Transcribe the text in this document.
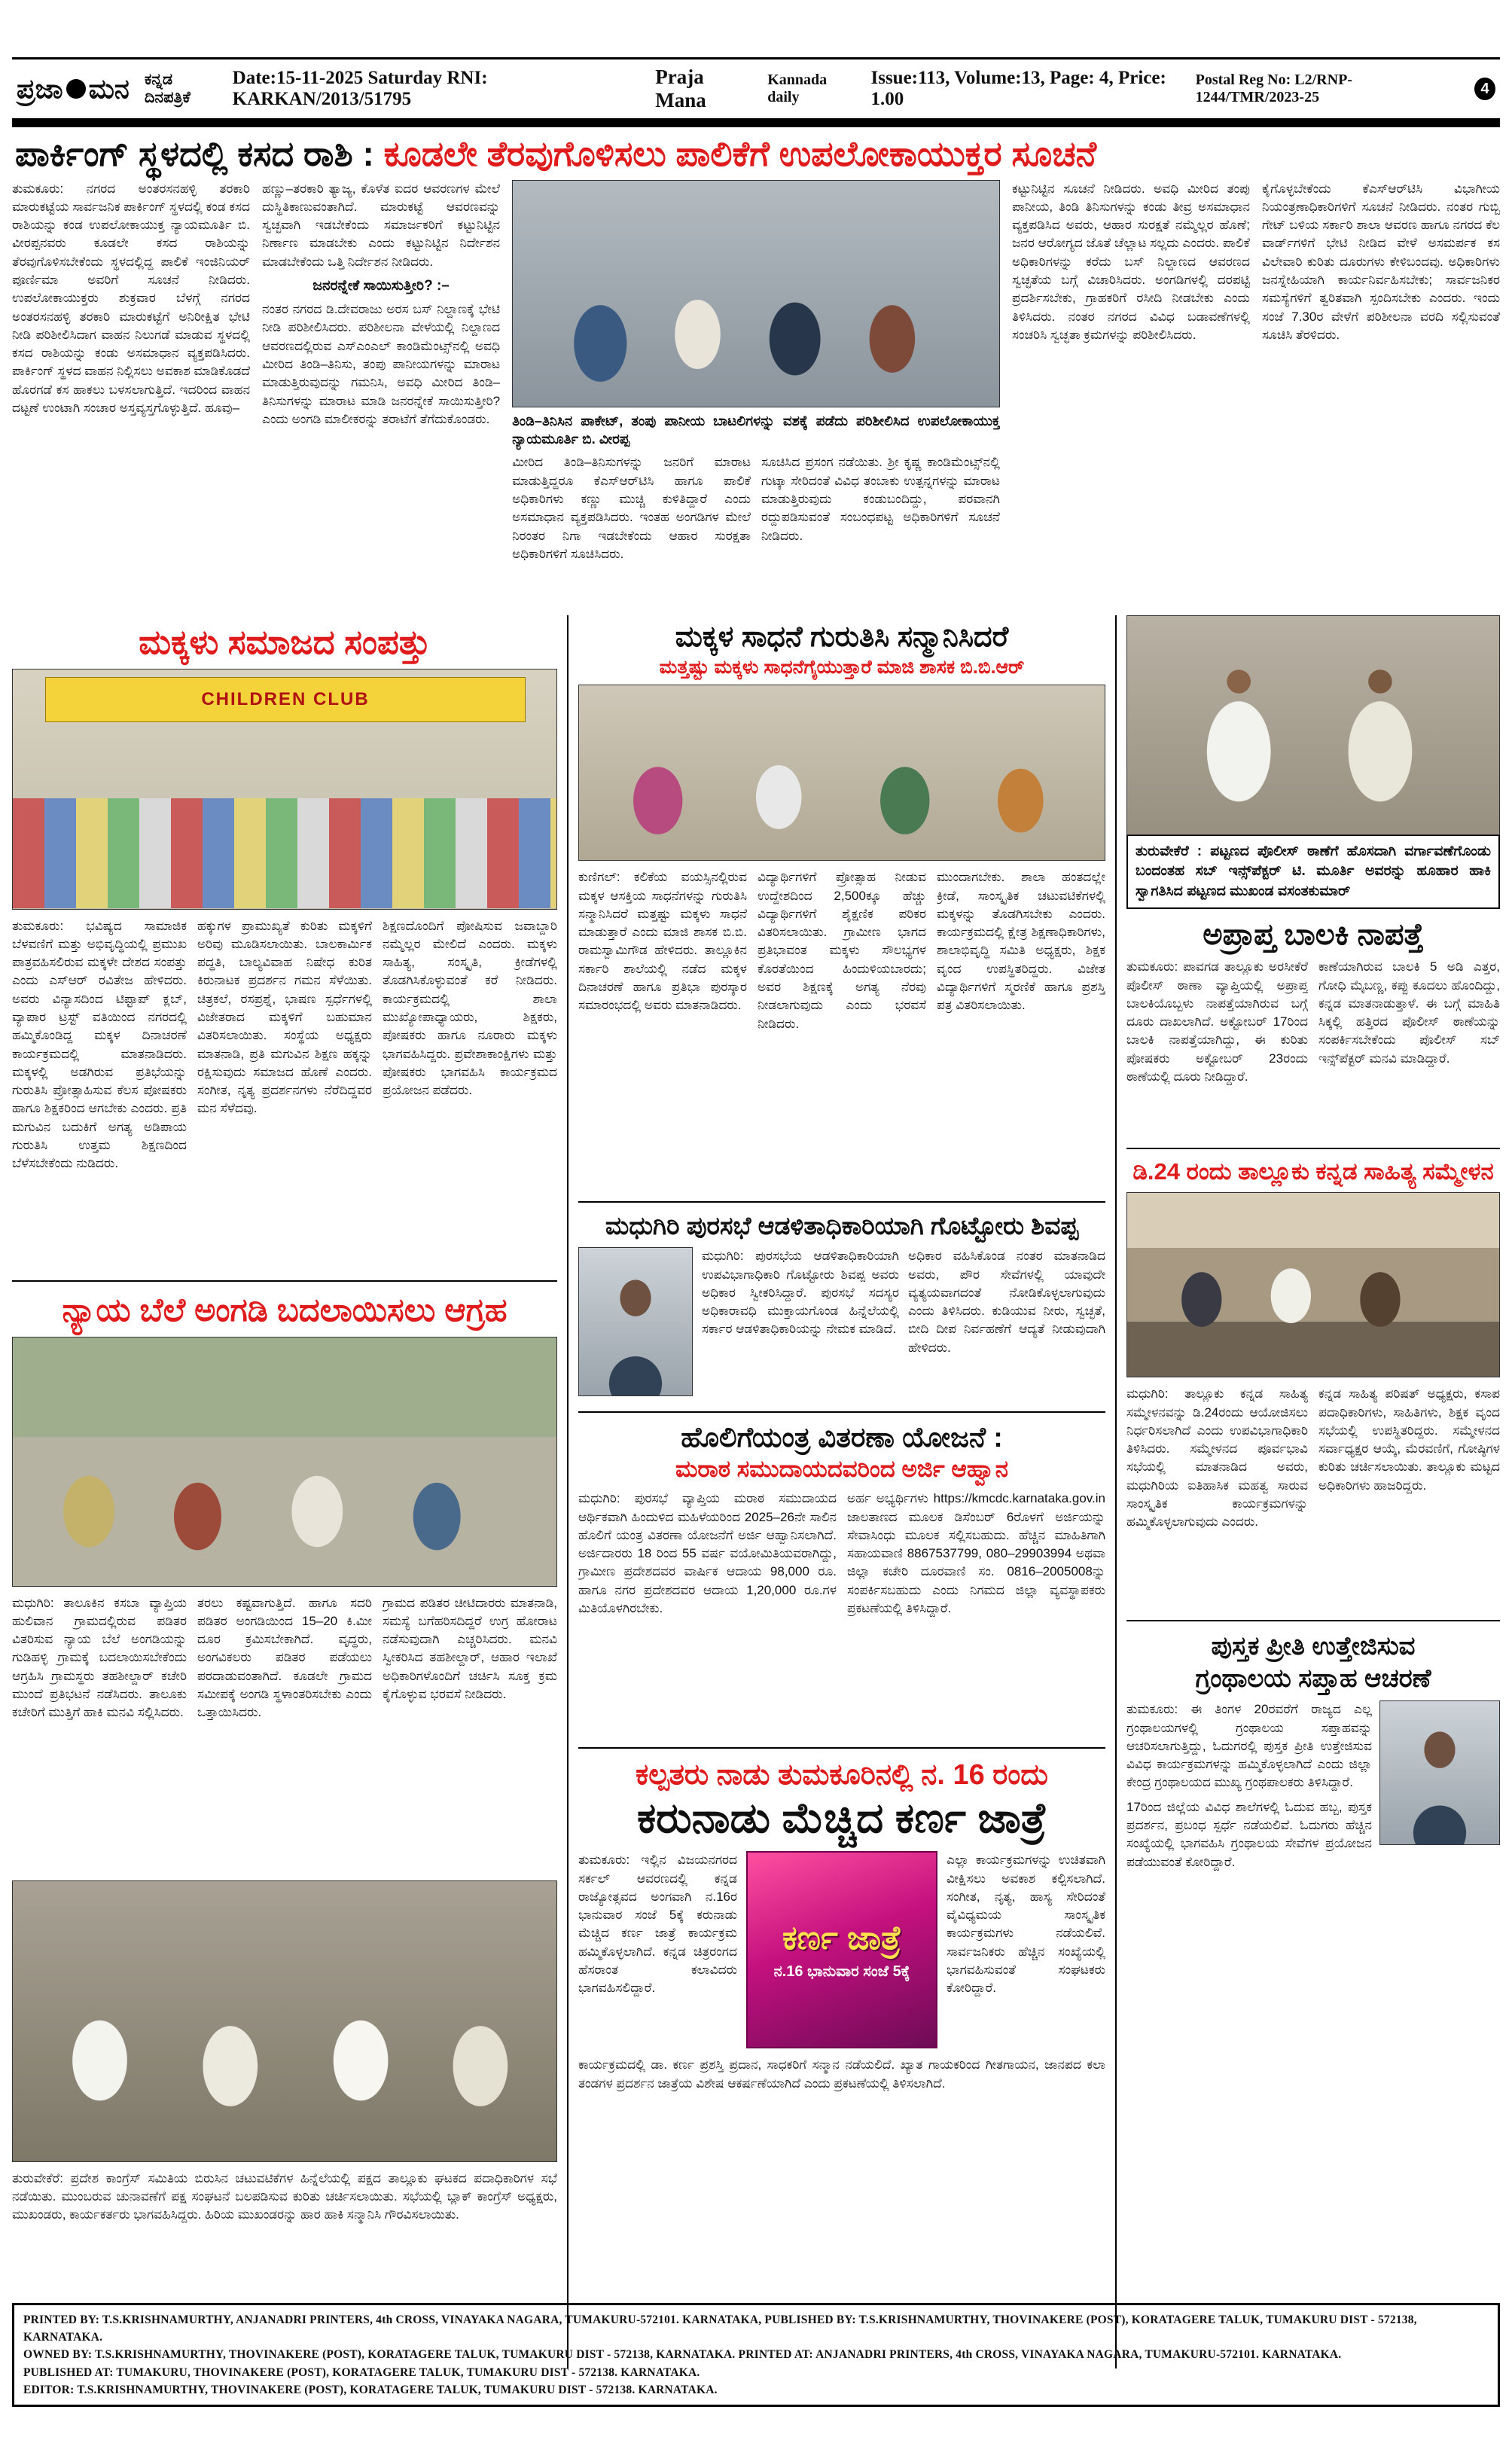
ಪ್ರಜಾ ಮನ ಕನ್ನಡ ದಿನಪತ್ರಿಕೆ
Date:15-11-2025 Saturday RNI: KARKAN/2013/51795
Praja Mana
Kannada daily
Issue:113, Volume:13, Page: 4, Price: 1.00
Postal Reg No: L2/RNP-1244/TMR/2023-25
4
ಪಾರ್ಕಿಂಗ್ ಸ್ಥಳದಲ್ಲಿ ಕಸದ ರಾಶಿ : ಕೂಡಲೇ ತೆರವುಗೊಳಿಸಲು ಪಾಲಿಕೆಗೆ ಉಪಲೋಕಾಯುಕ್ತರ ಸೂಚನೆ
ತುಮಕೂರು: ನಗರದ ಅಂತರಸನಹಳ್ಳಿ ತರಕಾರಿ ಮಾರುಕಟ್ಟೆಯ ಸಾರ್ವಜನಿಕ ಪಾರ್ಕಿಂಗ್ ಸ್ಥಳದಲ್ಲಿ ಕಂಡ ಕಸದ ರಾಶಿಯನ್ನು ಕಂಡ ಉಪಲೋಕಾಯುಕ್ತ ನ್ಯಾಯಮೂರ್ತಿ ಬಿ. ವೀರಪ್ಪನವರು ಕೂಡಲೇ ಕಸದ ರಾಶಿಯನ್ನು ತೆರವುಗೊಳಿಸಬೇಕೆಂದು ಸ್ಥಳದಲ್ಲಿದ್ದ ಪಾಲಿಕೆ ಇಂಜಿನಿಯರ್ ಪೂರ್ಣಿಮಾ ಅವರಿಗೆ ಸೂಚನೆ ನೀಡಿದರು. ಉಪಲೋಕಾಯುಕ್ತರು ಶುಕ್ರವಾರ ಬೆಳಗ್ಗೆ ನಗರದ ಅಂತರಸನಹಳ್ಳಿ ತರಕಾರಿ ಮಾರುಕಟ್ಟೆಗೆ ಅನಿರೀಕ್ಷಿತ ಭೇಟಿ ನೀಡಿ ಪರಿಶೀಲಿಸಿದಾಗ ವಾಹನ ನಿಲುಗಡೆ ಮಾಡುವ ಸ್ಥಳದಲ್ಲಿ ಕಸದ ರಾಶಿಯನ್ನು ಕಂಡು ಅಸಮಾಧಾನ ವ್ಯಕ್ತಪಡಿಸಿದರು. ಪಾರ್ಕಿಂಗ್ ಸ್ಥಳದ ವಾಹನ ನಿಲ್ಲಿಸಲು ಅವಕಾಶ ಮಾಡಿಕೊಡದೆ ಹೊರಗಡೆ ಕಸ ಹಾಕಲು ಬಳಸಲಾಗುತ್ತಿದೆ. ಇದರಿಂದ ವಾಹನ ದಟ್ಟಣೆ ಉಂಟಾಗಿ ಸಂಚಾರ ಅಸ್ತವ್ಯಸ್ತಗೊಳ್ಳುತ್ತಿದೆ. ಹೂವು–
ಹಣ್ಣು–ತರಕಾರಿ ತ್ಯಾಜ್ಯ, ಕೊಳೆತ ಐದರ ಆವರಣಗಳ ಮೇಲೆ ದುಸ್ಥಿತಿಕಾಣುವಂತಾಗಿದೆ. ಮಾರುಕಟ್ಟೆ ಆವರಣವನ್ನು ಸ್ವಚ್ಛವಾಗಿ ಇಡಬೇಕೆಂದು ಸಮಾರ್ಜಕರಿಗೆ ಕಟ್ಟುನಿಟ್ಟಿನ ನಿರ್ಣಾಣ ಮಾಡಬೇಕು ಎಂದು ಕಟ್ಟುನಿಟ್ಟಿನ ನಿರ್ದೇಶನ ಮಾಡಬೇಕೆಂದು ಒತ್ತಿ ನಿರ್ದೇಶನ ನೀಡಿದರು.
ಜನರನ್ನೇಕೆ ಸಾಯಿಸುತ್ತೀರಿ? :–
ನಂತರ ನಗರದ ಡಿ.ದೇವರಾಜು ಅರಸ ಬಸ್ ನಿಲ್ದಾಣಕ್ಕೆ ಭೇಟಿ ನೀಡಿ ಪರಿಶೀಲಿಸಿದರು. ಪರಿಶೀಲನಾ ವೇಳೆಯಲ್ಲಿ ನಿಲ್ದಾಣದ ಆವರಣದಲ್ಲಿರುವ ಎಸ್‌ಎಂಎಲ್ ಕಾಂಡಿಮೆಂಟ್ಸ್‌ನಲ್ಲಿ ಅವಧಿ ಮೀರಿದ ತಿಂಡಿ–ತಿನಿಸು, ತಂಪು ಪಾನೀಯಗಳನ್ನು ಮಾರಾಟ ಮಾಡುತ್ತಿರುವುದನ್ನು ಗಮನಿಸಿ, ಅವಧಿ ಮೀರಿದ ತಿಂಡಿ–ತಿನಿಸುಗಳನ್ನು ಮಾರಾಟ ಮಾಡಿ ಜನರನ್ನೇಕೆ ಸಾಯಿಸುತ್ತೀರಿ? ಎಂದು ಅಂಗಡಿ ಮಾಲೀಕರನ್ನು ತರಾಟೆಗೆ ತೆಗೆದುಕೊಂಡರು.	ತಿಂಡಿ–ತಿನಿಸಿನ ಪಾಕೇಟ್, ತಂಪು ಪಾನೀಯ ಬಾಟಲಿಗಳನ್ನು ವಶಕ್ಕೆ ಪಡೆದು ಪರಿಶೀಲಿಸಿದ ಉಪಲೋಕಾಯುಕ್ತ ನ್ಯಾಯಮೂರ್ತಿ ಬಿ. ವೀರಪ್ಪ
ಮೀರಿದ ತಿಂಡಿ–ತಿನಿಸುಗಳನ್ನು ಜನರಿಗೆ ಮಾರಾಟ ಮಾಡುತ್ತಿದ್ದರೂ ಕೆಎಸ್‌ಆರ್‌ಟಿಸಿ ಹಾಗೂ ಪಾಲಿಕೆ ಅಧಿಕಾರಿಗಳು ಕಣ್ಣು ಮುಚ್ಚಿ ಕುಳಿತಿದ್ದಾರೆ ಎಂದು ಅಸಮಾಧಾನ ವ್ಯಕ್ತಪಡಿಸಿದರು. ಇಂತಹ ಅಂಗಡಿಗಳ ಮೇಲೆ ನಿರಂತರ ನಿಗಾ ಇಡಬೇಕೆಂದು ಆಹಾರ ಸುರಕ್ಷತಾ ಅಧಿಕಾರಿಗಳಿಗೆ ಸೂಚಿಸಿದರು.
ಸೂಚಿಸಿದ ಪ್ರಸಂಗ ನಡೆಯಿತು. ಶ್ರೀ ಕೃಷ್ಣ ಕಾಂಡಿಮೆಂಟ್ಸ್‌ನಲ್ಲಿ ಗುಟ್ಕಾ ಸೇರಿದಂತೆ ವಿವಿಧ ತಂಬಾಕು ಉತ್ಪನ್ನಗಳನ್ನು ಮಾರಾಟ ಮಾಡುತ್ತಿರುವುದು ಕಂಡುಬಂದಿದ್ದು, ಪರವಾನಗಿ ರದ್ದುಪಡಿಸುವಂತೆ ಸಂಬಂಧಪಟ್ಟ ಅಧಿಕಾರಿಗಳಿಗೆ ಸೂಚನೆ ನೀಡಿದರು.
ಕಟ್ಟುನಿಟ್ಟಿನ ಸೂಚನೆ ನೀಡಿದರು. ಅವಧಿ ಮೀರಿದ ತಂಪು ಪಾನೀಯ, ತಿಂಡಿ ತಿನಿಸುಗಳನ್ನು ಕಂಡು ತೀವ್ರ ಅಸಮಾಧಾನ ವ್ಯಕ್ತಪಡಿಸಿದ ಅವರು, ಆಹಾರ ಸುರಕ್ಷತೆ ನಮ್ಮೆಲ್ಲರ ಹೊಣೆ; ಜನರ ಆರೋಗ್ಯದ ಜೊತೆ ಚೆಲ್ಲಾಟ ಸಲ್ಲದು ಎಂದರು. ಪಾಲಿಕೆ ಅಧಿಕಾರಿಗಳನ್ನು ಕರೆದು ಬಸ್ ನಿಲ್ದಾಣದ ಆವರಣದ ಸ್ವಚ್ಛತೆಯ ಬಗ್ಗೆ ವಿಚಾರಿಸಿದರು. ಅಂಗಡಿಗಳಲ್ಲಿ ದರಪಟ್ಟಿ ಪ್ರದರ್ಶಿಸಬೇಕು, ಗ್ರಾಹಕರಿಗೆ ರಸೀದಿ ನೀಡಬೇಕು ಎಂದು ತಿಳಿಸಿದರು. ನಂತರ ನಗರದ ವಿವಿಧ ಬಡಾವಣೆಗಳಲ್ಲಿ ಸಂಚರಿಸಿ ಸ್ವಚ್ಛತಾ ಕ್ರಮಗಳನ್ನು ಪರಿಶೀಲಿಸಿದರು.
ಕೈಗೊಳ್ಳಬೇಕೆಂದು ಕೆಎಸ್‌ಆರ್‌ಟಿಸಿ ವಿಭಾಗೀಯ ನಿಯಂತ್ರಣಾಧಿಕಾರಿಗಳಿಗೆ ಸೂಚನೆ ನೀಡಿದರು. ನಂತರ ಗುಬ್ಬಿ ಗೇಟ್ ಬಳಿಯ ಸರ್ಕಾರಿ ಶಾಲಾ ಆವರಣ ಹಾಗೂ ನಗರದ ಕೆಲ ವಾರ್ಡ್‌ಗಳಿಗೆ ಭೇಟಿ ನೀಡಿದ ವೇಳೆ ಅಸಮರ್ಪಕ ಕಸ ವಿಲೇವಾರಿ ಕುರಿತು ದೂರುಗಳು ಕೇಳಿಬಂದವು. ಅಧಿಕಾರಿಗಳು ಜನಸ್ನೇಹಿಯಾಗಿ ಕಾರ್ಯನಿರ್ವಹಿಸಬೇಕು; ಸಾರ್ವಜನಿಕರ ಸಮಸ್ಯೆಗಳಿಗೆ ತ್ವರಿತವಾಗಿ ಸ್ಪಂದಿಸಬೇಕು ಎಂದರು. ಇಂದು ಸಂಜೆ 7.30ರ ವೇಳೆಗೆ ಪರಿಶೀಲನಾ ವರದಿ ಸಲ್ಲಿಸುವಂತೆ ಸೂಚಿಸಿ ತೆರಳಿದರು.
ಮಕ್ಕಳು ಸಮಾಜದ ಸಂಪತ್ತು
CHILDREN CLUB
ತುಮಕೂರು: ಭವಿಷ್ಯದ ಸಾಮಾಜಿಕ ಬೆಳವಣಿಗೆ ಮತ್ತು ಅಭಿವೃದ್ಧಿಯಲ್ಲಿ ಪ್ರಮುಖ ಪಾತ್ರವಹಿಸಲಿರುವ ಮಕ್ಕಳೇ ದೇಶದ ಸಂಪತ್ತು ಎಂದು ಎಸ್‌ಆರ್ ರವಿತೇಜ ಹೇಳಿದರು. ಅವರು ವಿನ್ಯಾಸದಿಂದ ಟಿಪ್ಟಾಪ್ ಕ್ಲಬ್, ವ್ಯಾಪಾರ ಟ್ರಸ್ಟ್ ವತಿಯಿಂದ ನಗರದಲ್ಲಿ ಹಮ್ಮಿಕೊಂಡಿದ್ದ ಮಕ್ಕಳ ದಿನಾಚರಣೆ ಕಾರ್ಯಕ್ರಮದಲ್ಲಿ ಮಾತನಾಡಿದರು. ಮಕ್ಕಳಲ್ಲಿ ಅಡಗಿರುವ ಪ್ರತಿಭೆಯನ್ನು ಗುರುತಿಸಿ ಪ್ರೋತ್ಸಾಹಿಸುವ ಕೆಲಸ ಪೋಷಕರು ಹಾಗೂ ಶಿಕ್ಷಕರಿಂದ ಆಗಬೇಕು ಎಂದರು. ಪ್ರತಿ ಮಗುವಿನ ಬದುಕಿಗೆ ಅಗತ್ಯ ಅಡಿಪಾಯ ಗುರುತಿಸಿ ಉತ್ತಮ ಶಿಕ್ಷಣದಿಂದ ಬೆಳೆಸಬೇಕೆಂದು ನುಡಿದರು.
ಹಕ್ಕುಗಳ ಪ್ರಾಮುಖ್ಯತೆ ಕುರಿತು ಮಕ್ಕಳಿಗೆ ಅರಿವು ಮೂಡಿಸಲಾಯಿತು. ಬಾಲಕಾರ್ಮಿಕ ಪದ್ಧತಿ, ಬಾಲ್ಯವಿವಾಹ ನಿಷೇಧ ಕುರಿತ ಕಿರುನಾಟಕ ಪ್ರದರ್ಶನ ಗಮನ ಸೆಳೆಯಿತು. ಚಿತ್ರಕಲೆ, ರಸಪ್ರಶ್ನೆ, ಭಾಷಣ ಸ್ಪರ್ಧೆಗಳಲ್ಲಿ ವಿಜೇತರಾದ ಮಕ್ಕಳಿಗೆ ಬಹುಮಾನ ವಿತರಿಸಲಾಯಿತು. ಸಂಸ್ಥೆಯ ಅಧ್ಯಕ್ಷರು ಮಾತನಾಡಿ, ಪ್ರತಿ ಮಗುವಿನ ಶಿಕ್ಷಣ ಹಕ್ಕನ್ನು ರಕ್ಷಿಸುವುದು ಸಮಾಜದ ಹೊಣೆ ಎಂದರು. ಸಂಗೀತ, ನೃತ್ಯ ಪ್ರದರ್ಶನಗಳು ನೆರೆದಿದ್ದವರ ಮನ ಸೆಳೆದವು.
ಶಿಕ್ಷಣದೊಂದಿಗೆ ಪೋಷಿಸುವ ಜವಾಬ್ದಾರಿ ನಮ್ಮೆಲ್ಲರ ಮೇಲಿದೆ ಎಂದರು. ಮಕ್ಕಳು ಸಾಹಿತ್ಯ, ಸಂಸ್ಕೃತಿ, ಕ್ರೀಡೆಗಳಲ್ಲಿ ತೊಡಗಿಸಿಕೊಳ್ಳುವಂತೆ ಕರೆ ನೀಡಿದರು. ಕಾರ್ಯಕ್ರಮದಲ್ಲಿ ಶಾಲಾ ಮುಖ್ಯೋಪಾಧ್ಯಾಯರು, ಶಿಕ್ಷಕರು, ಪೋಷಕರು ಹಾಗೂ ನೂರಾರು ಮಕ್ಕಳು ಭಾಗವಹಿಸಿದ್ದರು. ಪ್ರವೇಶಾಕಾಂಕ್ಷಿಗಳು ಮತ್ತು ಪೋಷಕರು ಭಾಗವಹಿಸಿ ಕಾರ್ಯಕ್ರಮದ ಪ್ರಯೋಜನ ಪಡೆದರು.
ನ್ಯಾಯ ಬೆಲೆ ಅಂಗಡಿ ಬದಲಾಯಿಸಲು ಆಗ್ರಹ
ಮಧುಗಿರಿ: ತಾಲೂಕಿನ ಕಸಬಾ ವ್ಯಾಪ್ತಿಯ ಹುಲಿವಾನ ಗ್ರಾಮದಲ್ಲಿರುವ ಪಡಿತರ ವಿತರಿಸುವ ನ್ಯಾಯ ಬೆಲೆ ಅಂಗಡಿಯನ್ನು ಗುಡಿಹಳ್ಳಿ ಗ್ರಾಮಕ್ಕೆ ಬದಲಾಯಿಸಬೇಕೆಂದು ಆಗ್ರಹಿಸಿ ಗ್ರಾಮಸ್ಥರು ತಹಶೀಲ್ದಾರ್ ಕಚೇರಿ ಮುಂದೆ ಪ್ರತಿಭಟನೆ ನಡೆಸಿದರು. ತಾಲೂಕು ಕಚೇರಿಗೆ ಮುತ್ತಿಗೆ ಹಾಕಿ ಮನವಿ ಸಲ್ಲಿಸಿದರು.
ತರಲು ಕಷ್ಟವಾಗುತ್ತಿದೆ. ಹಾಗೂ ಸದರಿ ಪಡಿತರ ಅಂಗಡಿಯಿಂದ 15–20 ಕಿ.ಮೀ ದೂರ ಕ್ರಮಿಸಬೇಕಾಗಿದೆ. ವೃದ್ಧರು, ಅಂಗವಿಕಲರು ಪಡಿತರ ಪಡೆಯಲು ಪರದಾಡುವಂತಾಗಿದೆ. ಕೂಡಲೇ ಗ್ರಾಮದ ಸಮೀಪಕ್ಕೆ ಅಂಗಡಿ ಸ್ಥಳಾಂತರಿಸಬೇಕು ಎಂದು ಒತ್ತಾಯಿಸಿದರು.
ಗ್ರಾಮದ ಪಡಿತರ ಚೀಟಿದಾರರು ಮಾತನಾಡಿ, ಸಮಸ್ಯೆ ಬಗೆಹರಿಸದಿದ್ದರೆ ಉಗ್ರ ಹೋರಾಟ ನಡೆಸುವುದಾಗಿ ಎಚ್ಚರಿಸಿದರು. ಮನವಿ ಸ್ವೀಕರಿಸಿದ ತಹಶೀಲ್ದಾರ್, ಆಹಾರ ಇಲಾಖೆ ಅಧಿಕಾರಿಗಳೊಂದಿಗೆ ಚರ್ಚಿಸಿ ಸೂಕ್ತ ಕ್ರಮ ಕೈಗೊಳ್ಳುವ ಭರವಸೆ ನೀಡಿದರು.
ತುರುವೇಕೆರೆ: ಪ್ರದೇಶ ಕಾಂಗ್ರೆಸ್ ಸಮಿತಿಯ ಬಿರುಸಿನ ಚಟುವಟಿಕೆಗಳ ಹಿನ್ನೆಲೆಯಲ್ಲಿ ಪಕ್ಷದ ತಾಲ್ಲೂಕು ಘಟಕದ ಪದಾಧಿಕಾರಿಗಳ ಸಭೆ ನಡೆಯಿತು. ಮುಂಬರುವ ಚುನಾವಣೆಗೆ ಪಕ್ಷ ಸಂಘಟನೆ ಬಲಪಡಿಸುವ ಕುರಿತು ಚರ್ಚಿಸಲಾಯಿತು. ಸಭೆಯಲ್ಲಿ ಬ್ಲಾಕ್ ಕಾಂಗ್ರೆಸ್ ಅಧ್ಯಕ್ಷರು, ಮುಖಂಡರು, ಕಾರ್ಯಕರ್ತರು ಭಾಗವಹಿಸಿದ್ದರು. ಹಿರಿಯ ಮುಖಂಡರನ್ನು ಹಾರ ಹಾಕಿ ಸನ್ಮಾನಿಸಿ ಗೌರವಿಸಲಾಯಿತು.
ಮಕ್ಕಳ ಸಾಧನೆ ಗುರುತಿಸಿ ಸನ್ಮಾನಿಸಿದರೆ
ಮತ್ತಷ್ಟು ಮಕ್ಕಳು ಸಾಧನೆಗೈಯುತ್ತಾರೆ ಮಾಜಿ ಶಾಸಕ ಬಿ.ಬಿ.ಆರ್
ಕುಣಿಗಲ್: ಕಲಿಕೆಯ ವಯಸ್ಸಿನಲ್ಲಿರುವ ಮಕ್ಕಳ ಆಸಕ್ತಿಯ ಸಾಧನೆಗಳನ್ನು ಗುರುತಿಸಿ ಸನ್ಮಾನಿಸಿದರೆ ಮತ್ತಷ್ಟು ಮಕ್ಕಳು ಸಾಧನೆ ಮಾಡುತ್ತಾರೆ ಎಂದು ಮಾಜಿ ಶಾಸಕ ಬಿ.ಬಿ. ರಾಮಸ್ವಾಮಿಗೌಡ ಹೇಳಿದರು. ತಾಲ್ಲೂಕಿನ ಸರ್ಕಾರಿ ಶಾಲೆಯಲ್ಲಿ ನಡೆದ ಮಕ್ಕಳ ದಿನಾಚರಣೆ ಹಾಗೂ ಪ್ರತಿಭಾ ಪುರಸ್ಕಾರ ಸಮಾರಂಭದಲ್ಲಿ ಅವರು ಮಾತನಾಡಿದರು.
ವಿದ್ಯಾರ್ಥಿಗಳಿಗೆ ಪ್ರೋತ್ಸಾಹ ನೀಡುವ ಉದ್ದೇಶದಿಂದ 2,500ಕ್ಕೂ ಹೆಚ್ಚು ವಿದ್ಯಾರ್ಥಿಗಳಿಗೆ ಶೈಕ್ಷಣಿಕ ಪರಿಕರ ವಿತರಿಸಲಾಯಿತು. ಗ್ರಾಮೀಣ ಭಾಗದ ಪ್ರತಿಭಾವಂತ ಮಕ್ಕಳು ಸೌಲಭ್ಯಗಳ ಕೊರತೆಯಿಂದ ಹಿಂದುಳಿಯಬಾರದು; ಅವರ ಶಿಕ್ಷಣಕ್ಕೆ ಅಗತ್ಯ ನೆರವು ನೀಡಲಾಗುವುದು ಎಂದು ಭರವಸೆ ನೀಡಿದರು.
ಮುಂದಾಗಬೇಕು. ಶಾಲಾ ಹಂತದಲ್ಲೇ ಕ್ರೀಡೆ, ಸಾಂಸ್ಕೃತಿಕ ಚಟುವಟಿಕೆಗಳಲ್ಲಿ ಮಕ್ಕಳನ್ನು ತೊಡಗಿಸಬೇಕು ಎಂದರು. ಕಾರ್ಯಕ್ರಮದಲ್ಲಿ ಕ್ಷೇತ್ರ ಶಿಕ್ಷಣಾಧಿಕಾರಿಗಳು, ಶಾಲಾಭಿವೃದ್ಧಿ ಸಮಿತಿ ಅಧ್ಯಕ್ಷರು, ಶಿಕ್ಷಕ ವೃಂದ ಉಪಸ್ಥಿತರಿದ್ದರು. ವಿಜೇತ ವಿದ್ಯಾರ್ಥಿಗಳಿಗೆ ಸ್ಮರಣಿಕೆ ಹಾಗೂ ಪ್ರಶಸ್ತಿ ಪತ್ರ ವಿತರಿಸಲಾಯಿತು.
ಮಧುಗಿರಿ ಪುರಸಭೆ ಆಡಳಿತಾಧಿಕಾರಿಯಾಗಿ ಗೊಟ್ಟೋರು ಶಿವಪ್ಪ
ಮಧುಗಿರಿ: ಪುರಸಭೆಯ ಆಡಳಿತಾಧಿಕಾರಿಯಾಗಿ ಉಪವಿಭಾಗಾಧಿಕಾರಿ ಗೊಟ್ಟೋರು ಶಿವಪ್ಪ ಅವರು ಅಧಿಕಾರ ಸ್ವೀಕರಿಸಿದ್ದಾರೆ. ಪುರಸಭೆ ಸದಸ್ಯರ ಅಧಿಕಾರಾವಧಿ ಮುಕ್ತಾಯಗೊಂಡ ಹಿನ್ನೆಲೆಯಲ್ಲಿ ಸರ್ಕಾರ ಆಡಳಿತಾಧಿಕಾರಿಯನ್ನು ನೇಮಕ ಮಾಡಿದೆ.
ಅಧಿಕಾರ ವಹಿಸಿಕೊಂಡ ನಂತರ ಮಾತನಾಡಿದ ಅವರು, ಪೌರ ಸೇವೆಗಳಲ್ಲಿ ಯಾವುದೇ ವ್ಯತ್ಯಯವಾಗದಂತೆ ನೋಡಿಕೊಳ್ಳಲಾಗುವುದು ಎಂದು ತಿಳಿಸಿದರು. ಕುಡಿಯುವ ನೀರು, ಸ್ವಚ್ಛತೆ, ಬೀದಿ ದೀಪ ನಿರ್ವಹಣೆಗೆ ಆದ್ಯತೆ ನೀಡುವುದಾಗಿ ಹೇಳಿದರು.
ಹೊಲಿಗೆಯಂತ್ರ ವಿತರಣಾ ಯೋಜನೆ :
ಮರಾಠ ಸಮುದಾಯದವರಿಂದ ಅರ್ಜಿ ಆಹ್ವಾನ
ಮಧುಗಿರಿ: ಪುರಸಭೆ ವ್ಯಾಪ್ತಿಯ ಮರಾಠ ಸಮುದಾಯದ ಆರ್ಥಿಕವಾಗಿ ಹಿಂದುಳಿದ ಮಹಿಳೆಯರಿಂದ 2025–26ನೇ ಸಾಲಿನ ಹೊಲಿಗೆ ಯಂತ್ರ ವಿತರಣಾ ಯೋಜನೆಗೆ ಅರ್ಜಿ ಆಹ್ವಾನಿಸಲಾಗಿದೆ. ಅರ್ಜಿದಾರರು 18 ರಿಂದ 55 ವರ್ಷ ವಯೋಮಿತಿಯವರಾಗಿದ್ದು, ಗ್ರಾಮೀಣ ಪ್ರದೇಶದವರ ವಾರ್ಷಿಕ ಆದಾಯ 98,000 ರೂ. ಹಾಗೂ ನಗರ ಪ್ರದೇಶದವರ ಆದಾಯ 1,20,000 ರೂ.ಗಳ ಮಿತಿಯೊಳಗಿರಬೇಕು.
ಅರ್ಹ ಅಭ್ಯರ್ಥಿಗಳು https://kmcdc.karnataka.gov.in ಜಾಲತಾಣದ ಮೂಲಕ ಡಿಸೆಂಬರ್ 6ರೊಳಗೆ ಅರ್ಜಿಯನ್ನು ಸೇವಾಸಿಂಧು ಮೂಲಕ ಸಲ್ಲಿಸಬಹುದು. ಹೆಚ್ಚಿನ ಮಾಹಿತಿಗಾಗಿ ಸಹಾಯವಾಣಿ 8867537799, 080–29903994 ಅಥವಾ ಜಿಲ್ಲಾ ಕಚೇರಿ ದೂರವಾಣಿ ಸಂ. 0816–2005008ನ್ನು ಸಂಪರ್ಕಿಸಬಹುದು ಎಂದು ನಿಗಮದ ಜಿಲ್ಲಾ ವ್ಯವಸ್ಥಾಪಕರು ಪ್ರಕಟಣೆಯಲ್ಲಿ ತಿಳಿಸಿದ್ದಾರೆ.
ಕಲ್ಪತರು ನಾಡು ತುಮಕೂರಿನಲ್ಲಿ ನ. 16 ರಂದು
ಕರುನಾಡು ಮೆಚ್ಚಿದ ಕರ್ಣ ಜಾತ್ರೆ
ತುಮಕೂರು: ಇಲ್ಲಿನ ವಿಜಯನಗರದ ಸರ್ಕಲ್ ಆವರಣದಲ್ಲಿ ಕನ್ನಡ ರಾಜ್ಯೋತ್ಸವದ ಅಂಗವಾಗಿ ನ.16ರ ಭಾನುವಾರ ಸಂಜೆ 5ಕ್ಕೆ ಕರುನಾಡು ಮೆಚ್ಚಿದ ಕರ್ಣ ಜಾತ್ರೆ ಕಾರ್ಯಕ್ರಮ ಹಮ್ಮಿಕೊಳ್ಳಲಾಗಿದೆ. ಕನ್ನಡ ಚಿತ್ರರಂಗದ ಹೆಸರಾಂತ ಕಲಾವಿದರು ಭಾಗವಹಿಸಲಿದ್ದಾರೆ.
ಕರ್ಣ ಜಾತ್ರೆ
ನ.16 ಭಾನುವಾರ ಸಂಜೆ 5ಕ್ಕೆ
ಎಲ್ಲಾ ಕಾರ್ಯಕ್ರಮಗಳನ್ನು ಉಚಿತವಾಗಿ ವೀಕ್ಷಿಸಲು ಅವಕಾಶ ಕಲ್ಪಿಸಲಾಗಿದೆ. ಸಂಗೀತ, ನೃತ್ಯ, ಹಾಸ್ಯ ಸೇರಿದಂತೆ ವೈವಿಧ್ಯಮಯ ಸಾಂಸ್ಕೃತಿಕ ಕಾರ್ಯಕ್ರಮಗಳು ನಡೆಯಲಿವೆ. ಸಾರ್ವಜನಿಕರು ಹೆಚ್ಚಿನ ಸಂಖ್ಯೆಯಲ್ಲಿ ಭಾಗವಹಿಸುವಂತೆ ಸಂಘಟಕರು ಕೋರಿದ್ದಾರೆ.
ಕಾರ್ಯಕ್ರಮದಲ್ಲಿ ಡಾ. ಕರ್ಣ ಪ್ರಶಸ್ತಿ ಪ್ರದಾನ, ಸಾಧಕರಿಗೆ ಸನ್ಮಾನ ನಡೆಯಲಿದೆ. ಖ್ಯಾತ ಗಾಯಕರಿಂದ ಗೀತಗಾಯನ, ಜಾನಪದ ಕಲಾ ತಂಡಗಳ ಪ್ರದರ್ಶನ ಜಾತ್ರೆಯ ವಿಶೇಷ ಆಕರ್ಷಣೆಯಾಗಿದೆ ಎಂದು ಪ್ರಕಟಣೆಯಲ್ಲಿ ತಿಳಿಸಲಾಗಿದೆ.
ತುರುವೇಕೆರೆ : ಪಟ್ಟಣದ ಪೊಲೀಸ್ ಠಾಣೆಗೆ ಹೊಸದಾಗಿ ವರ್ಗಾವಣೆಗೊಂಡು ಬಂದಂತಹ ಸಬ್ ಇನ್ಸ್‌ಪೆಕ್ಟರ್ ಟಿ. ಮೂರ್ತಿ ಅವರನ್ನು ಹೂಹಾರ ಹಾಕಿ ಸ್ವಾಗತಿಸಿದ ಪಟ್ಟಣದ ಮುಖಂಡ ವಸಂತಕುಮಾರ್
ಅಪ್ರಾಪ್ತ ಬಾಲಕಿ ನಾಪತ್ತೆ
ತುಮಕೂರು: ಪಾವಗಡ ತಾಲ್ಲೂಕು ಅರಸೀಕೆರೆ ಪೊಲೀಸ್ ಠಾಣಾ ವ್ಯಾಪ್ತಿಯಲ್ಲಿ ಅಪ್ರಾಪ್ತ ಬಾಲಕಿಯೊಬ್ಬಳು ನಾಪತ್ತೆಯಾಗಿರುವ ಬಗ್ಗೆ ದೂರು ದಾಖಲಾಗಿದೆ. ಅಕ್ಟೋಬರ್ 17ರಿಂದ ಬಾಲಕಿ ನಾಪತ್ತೆಯಾಗಿದ್ದು, ಈ ಕುರಿತು ಪೋಷಕರು ಅಕ್ಟೋಬರ್ 23ರಂದು ಠಾಣೆಯಲ್ಲಿ ದೂರು ನೀಡಿದ್ದಾರೆ.
ಕಾಣೆಯಾಗಿರುವ ಬಾಲಕಿ 5 ಅಡಿ ಎತ್ತರ, ಗೋಧಿ ಮೈಬಣ್ಣ, ಕಪ್ಪು ಕೂದಲು ಹೊಂದಿದ್ದು, ಕನ್ನಡ ಮಾತನಾಡುತ್ತಾಳೆ. ಈ ಬಗ್ಗೆ ಮಾಹಿತಿ ಸಿಕ್ಕಲ್ಲಿ ಹತ್ತಿರದ ಪೊಲೀಸ್ ಠಾಣೆಯನ್ನು ಸಂಪರ್ಕಿಸಬೇಕೆಂದು ಪೊಲೀಸ್ ಸಬ್ ಇನ್ಸ್‌ಪೆಕ್ಟರ್ ಮನವಿ ಮಾಡಿದ್ದಾರೆ.
ಡಿ.24 ರಂದು ತಾಲ್ಲೂಕು ಕನ್ನಡ ಸಾಹಿತ್ಯ ಸಮ್ಮೇಳನ
ಮಧುಗಿರಿ: ತಾಲ್ಲೂಕು ಕನ್ನಡ ಸಾಹಿತ್ಯ ಸಮ್ಮೇಳನವನ್ನು ಡಿ.24ರಂದು ಆಯೋಜಿಸಲು ನಿರ್ಧರಿಸಲಾಗಿದೆ ಎಂದು ಉಪವಿಭಾಗಾಧಿಕಾರಿ ತಿಳಿಸಿದರು. ಸಮ್ಮೇಳನದ ಪೂರ್ವಭಾವಿ ಸಭೆಯಲ್ಲಿ ಮಾತನಾಡಿದ ಅವರು, ಮಧುಗಿರಿಯ ಐತಿಹಾಸಿಕ ಮಹತ್ವ ಸಾರುವ ಸಾಂಸ್ಕೃತಿಕ ಕಾರ್ಯಕ್ರಮಗಳನ್ನು ಹಮ್ಮಿಕೊಳ್ಳಲಾಗುವುದು ಎಂದರು.
ಕನ್ನಡ ಸಾಹಿತ್ಯ ಪರಿಷತ್ ಅಧ್ಯಕ್ಷರು, ಕಸಾಪ ಪದಾಧಿಕಾರಿಗಳು, ಸಾಹಿತಿಗಳು, ಶಿಕ್ಷಕ ವೃಂದ ಸಭೆಯಲ್ಲಿ ಉಪಸ್ಥಿತರಿದ್ದರು. ಸಮ್ಮೇಳನದ ಸರ್ವಾಧ್ಯಕ್ಷರ ಆಯ್ಕೆ, ಮೆರವಣಿಗೆ, ಗೋಷ್ಠಿಗಳ ಕುರಿತು ಚರ್ಚಿಸಲಾಯಿತು. ತಾಲ್ಲೂಕು ಮಟ್ಟದ ಅಧಿಕಾರಿಗಳು ಹಾಜರಿದ್ದರು.
ಪುಸ್ತಕ ಪ್ರೀತಿ ಉತ್ತೇಜಿಸುವ
ಗ್ರಂಥಾಲಯ ಸಪ್ತಾಹ ಆಚರಣೆ
ತುಮಕೂರು: ಈ ತಿಂಗಳ 20ರವರೆಗೆ ರಾಜ್ಯದ ಎಲ್ಲ ಗ್ರಂಥಾಲಯಗಳಲ್ಲಿ ಗ್ರಂಥಾಲಯ ಸಪ್ತಾಹವನ್ನು ಆಚರಿಸಲಾಗುತ್ತಿದ್ದು, ಓದುಗರಲ್ಲಿ ಪುಸ್ತಕ ಪ್ರೀತಿ ಉತ್ತೇಜಿಸುವ ವಿವಿಧ ಕಾರ್ಯಕ್ರಮಗಳನ್ನು ಹಮ್ಮಿಕೊಳ್ಳಲಾಗಿದೆ ಎಂದು ಜಿಲ್ಲಾ ಕೇಂದ್ರ ಗ್ರಂಥಾಲಯದ ಮುಖ್ಯ ಗ್ರಂಥಪಾಲಕರು ತಿಳಿಸಿದ್ದಾರೆ.
17ರಿಂದ ಜಿಲ್ಲೆಯ ವಿವಿಧ ಶಾಲೆಗಳಲ್ಲಿ ಓದುವ ಹಬ್ಬ, ಪುಸ್ತಕ ಪ್ರದರ್ಶನ, ಪ್ರಬಂಧ ಸ್ಪರ್ಧೆ ನಡೆಯಲಿವೆ. ಓದುಗರು ಹೆಚ್ಚಿನ ಸಂಖ್ಯೆಯಲ್ಲಿ ಭಾಗವಹಿಸಿ ಗ್ರಂಥಾಲಯ ಸೇವೆಗಳ ಪ್ರಯೋಜನ ಪಡೆಯುವಂತೆ ಕೋರಿದ್ದಾರೆ.
PRINTED BY: T.S.KRISHNAMURTHY, ANJANADRI PRINTERS, 4th CROSS, VINAYAKA NAGARA, TUMAKURU-572101. KARNATAKA, PUBLISHED BY: T.S.KRISHNAMURTHY, THOVINAKERE (POST), KORATAGERE TALUK, TUMAKURU DIST - 572138, KARNATAKA.
OWNED BY: T.S.KRISHNAMURTHY, THOVINAKERE (POST), KORATAGERE TALUK, TUMAKURU DIST - 572138, KARNATAKA. PRINTED AT: ANJANADRI PRINTERS, 4th CROSS, VINAYAKA NAGARA, TUMAKURU-572101. KARNATAKA.
PUBLISHED AT: TUMAKURU, THOVINAKERE (POST), KORATAGERE TALUK, TUMAKURU DIST - 572138. KARNATAKA.
EDITOR: T.S.KRISHNAMURTHY, THOVINAKERE (POST), KORATAGERE TALUK, TUMAKURU DIST - 572138. KARNATAKA.
